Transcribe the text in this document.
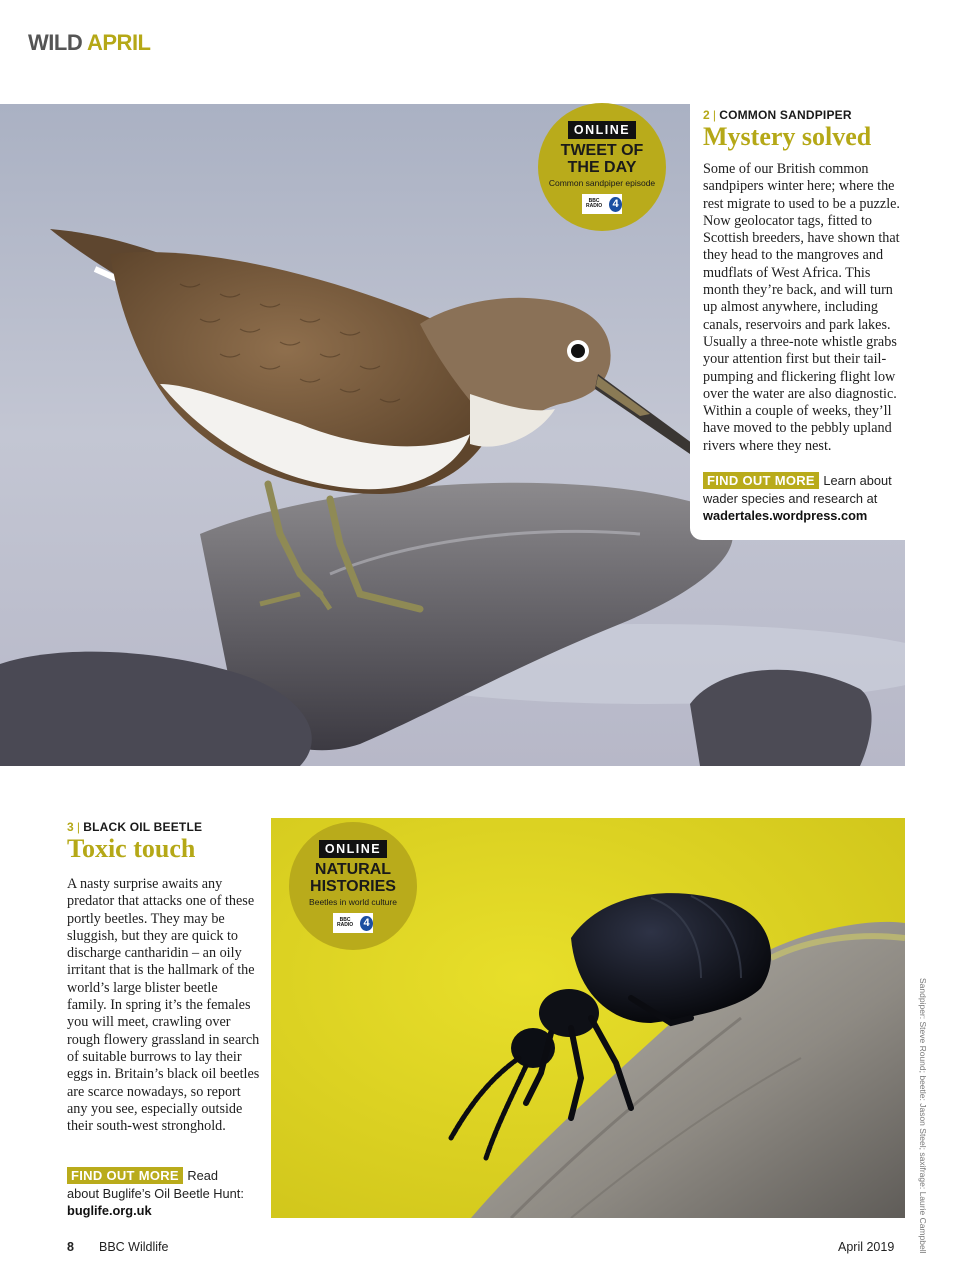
WILD APRIL
ONLINE
TWEET OF
THE DAY
Common sandpiper episode
BBC RADIO 4
2 | COMMON SANDPIPER
Mystery solved
Some of our British common sandpipers winter here; where the rest migrate to used to be a puzzle. Now geolocator tags, fitted to Scottish breeders, have shown that they head to the mangroves and mudflats of West Africa. This month they’re back, and will turn up almost anywhere, including canals, reservoirs and park lakes. Usually a three-note whistle grabs your attention first but their tail-pumping and flickering flight low over the water are also diagnostic. Within a couple of weeks, they’ll have moved to the pebbly upland rivers where they nest.
FIND OUT MORE Learn about wader species and research at
wadertales.wordpress.com
3 | BLACK OIL BEETLE
Toxic touch
A nasty surprise awaits any predator that attacks one of these portly beetles. They may be sluggish, but they are quick to discharge cantharidin – an oily irritant that is the hallmark of the world’s large blister beetle family. In spring it’s the females you will meet, crawling over rough flowery grassland in search of suitable burrows to lay their eggs in. Britain’s black oil beetles are scarce nowadays, so report any you see, especially outside their south-west stronghold.
FIND OUT MORE Read
about Buglife’s Oil Beetle Hunt:
buglife.org.uk
ONLINE
NATURAL
HISTORIES
Beetles in world culture
BBC RADIO 4
Sandpiper: Steve Round; beetle: Jason Steel; saxifrage: Laurie Campbell
8 BBC Wildlife	April 2019
